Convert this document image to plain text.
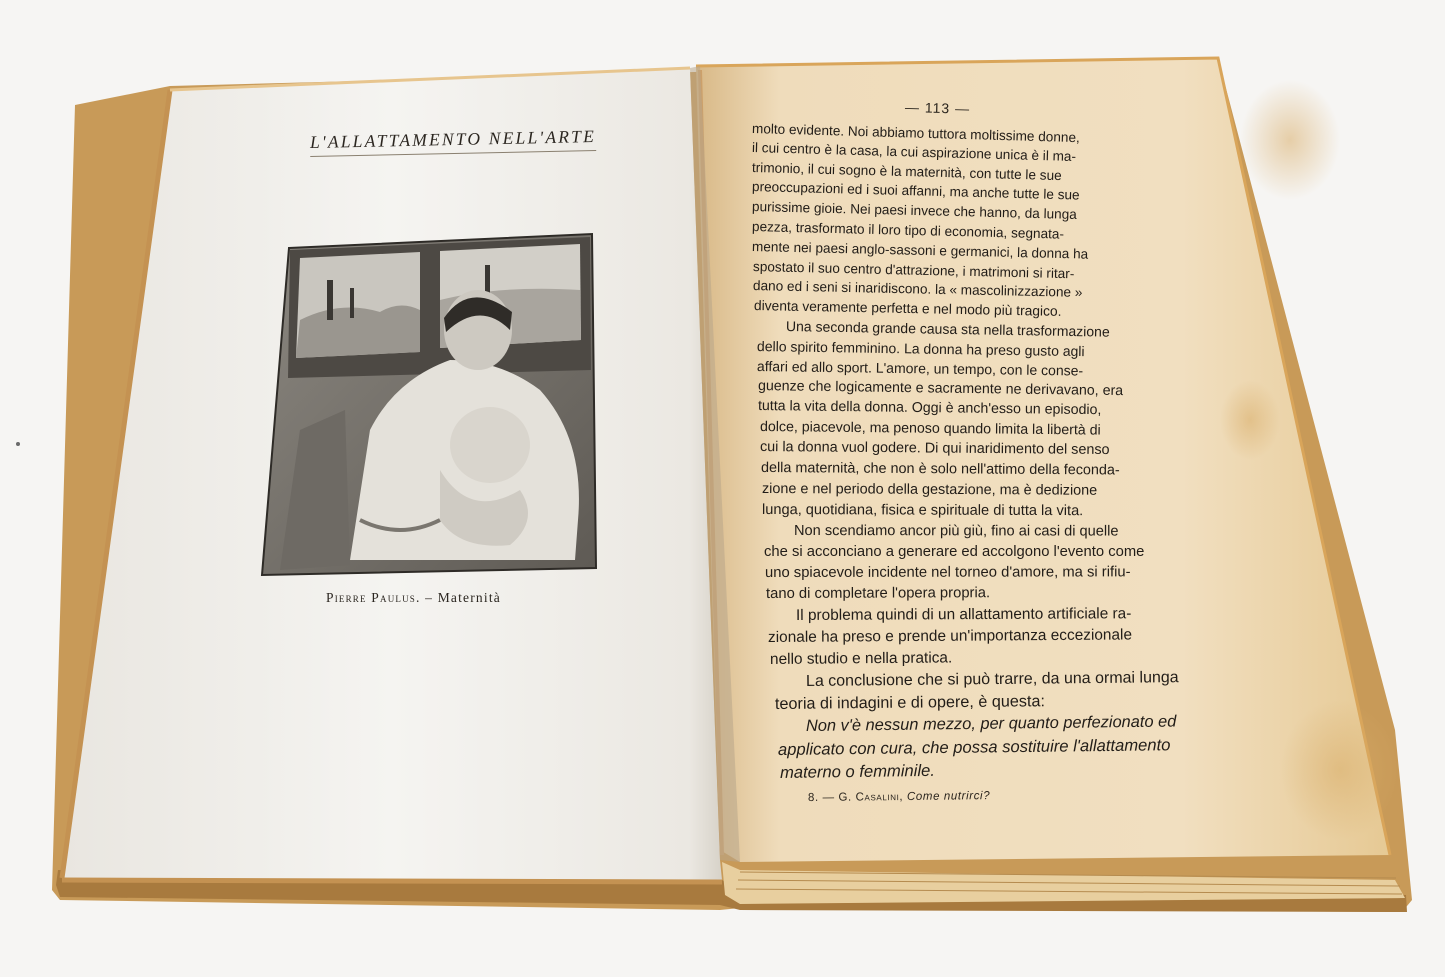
L'ALLATTAMENTO NELL'ARTE

Pierre Paulus. – Maternità

— 113 —

molto evidente. Noi abbiamo tuttora moltissime donne,

il cui centro è la casa, la cui aspirazione unica è il ma-

trimonio, il cui sogno è la maternità, con tutte le sue

preoccupazioni ed i suoi affanni, ma anche tutte le sue

purissime gioie. Nei paesi invece che hanno, da lunga

pezza, trasformato il loro tipo di economia, segnata-

mente nei paesi anglo-sassoni e germanici, la donna ha

spostato il suo centro d'attrazione, i matrimoni si ritar-

dano ed i seni si inaridiscono. la « mascolinizzazione »

diventa veramente perfetta e nel modo più tragico.

Una seconda grande causa sta nella trasformazione

dello spirito femminino. La donna ha preso gusto agli

affari ed allo sport. L'amore, un tempo, con le conse-

guenze che logicamente e sacramente ne derivavano, era

tutta la vita della donna. Oggi è anch'esso un episodio,

dolce, piacevole, ma penoso quando limita la libertà di

cui la donna vuol godere. Di qui inaridimento del senso

della maternità, che non è solo nell'attimo della feconda-

zione e nel periodo della gestazione, ma è dedizione

lunga, quotidiana, fisica e spirituale di tutta la vita.

Non scendiamo ancor più giù, fino ai casi di quelle

che si acconciano a generare ed accolgono l'evento come

uno spiacevole incidente nel torneo d'amore, ma si rifiu-

tano di completare l'opera propria.

Il problema quindi di un allattamento artificiale ra-

zionale ha preso e prende un'importanza eccezionale

nello studio e nella pratica.

La conclusione che si può trarre, da una ormai lunga

teoria di indagini e di opere, è questa:

Non v'è nessun mezzo, per quanto perfezionato ed

applicato con cura, che possa sostituire l'allattamento

materno o femminile.

8. — G. Casalini, Come nutrirci?
